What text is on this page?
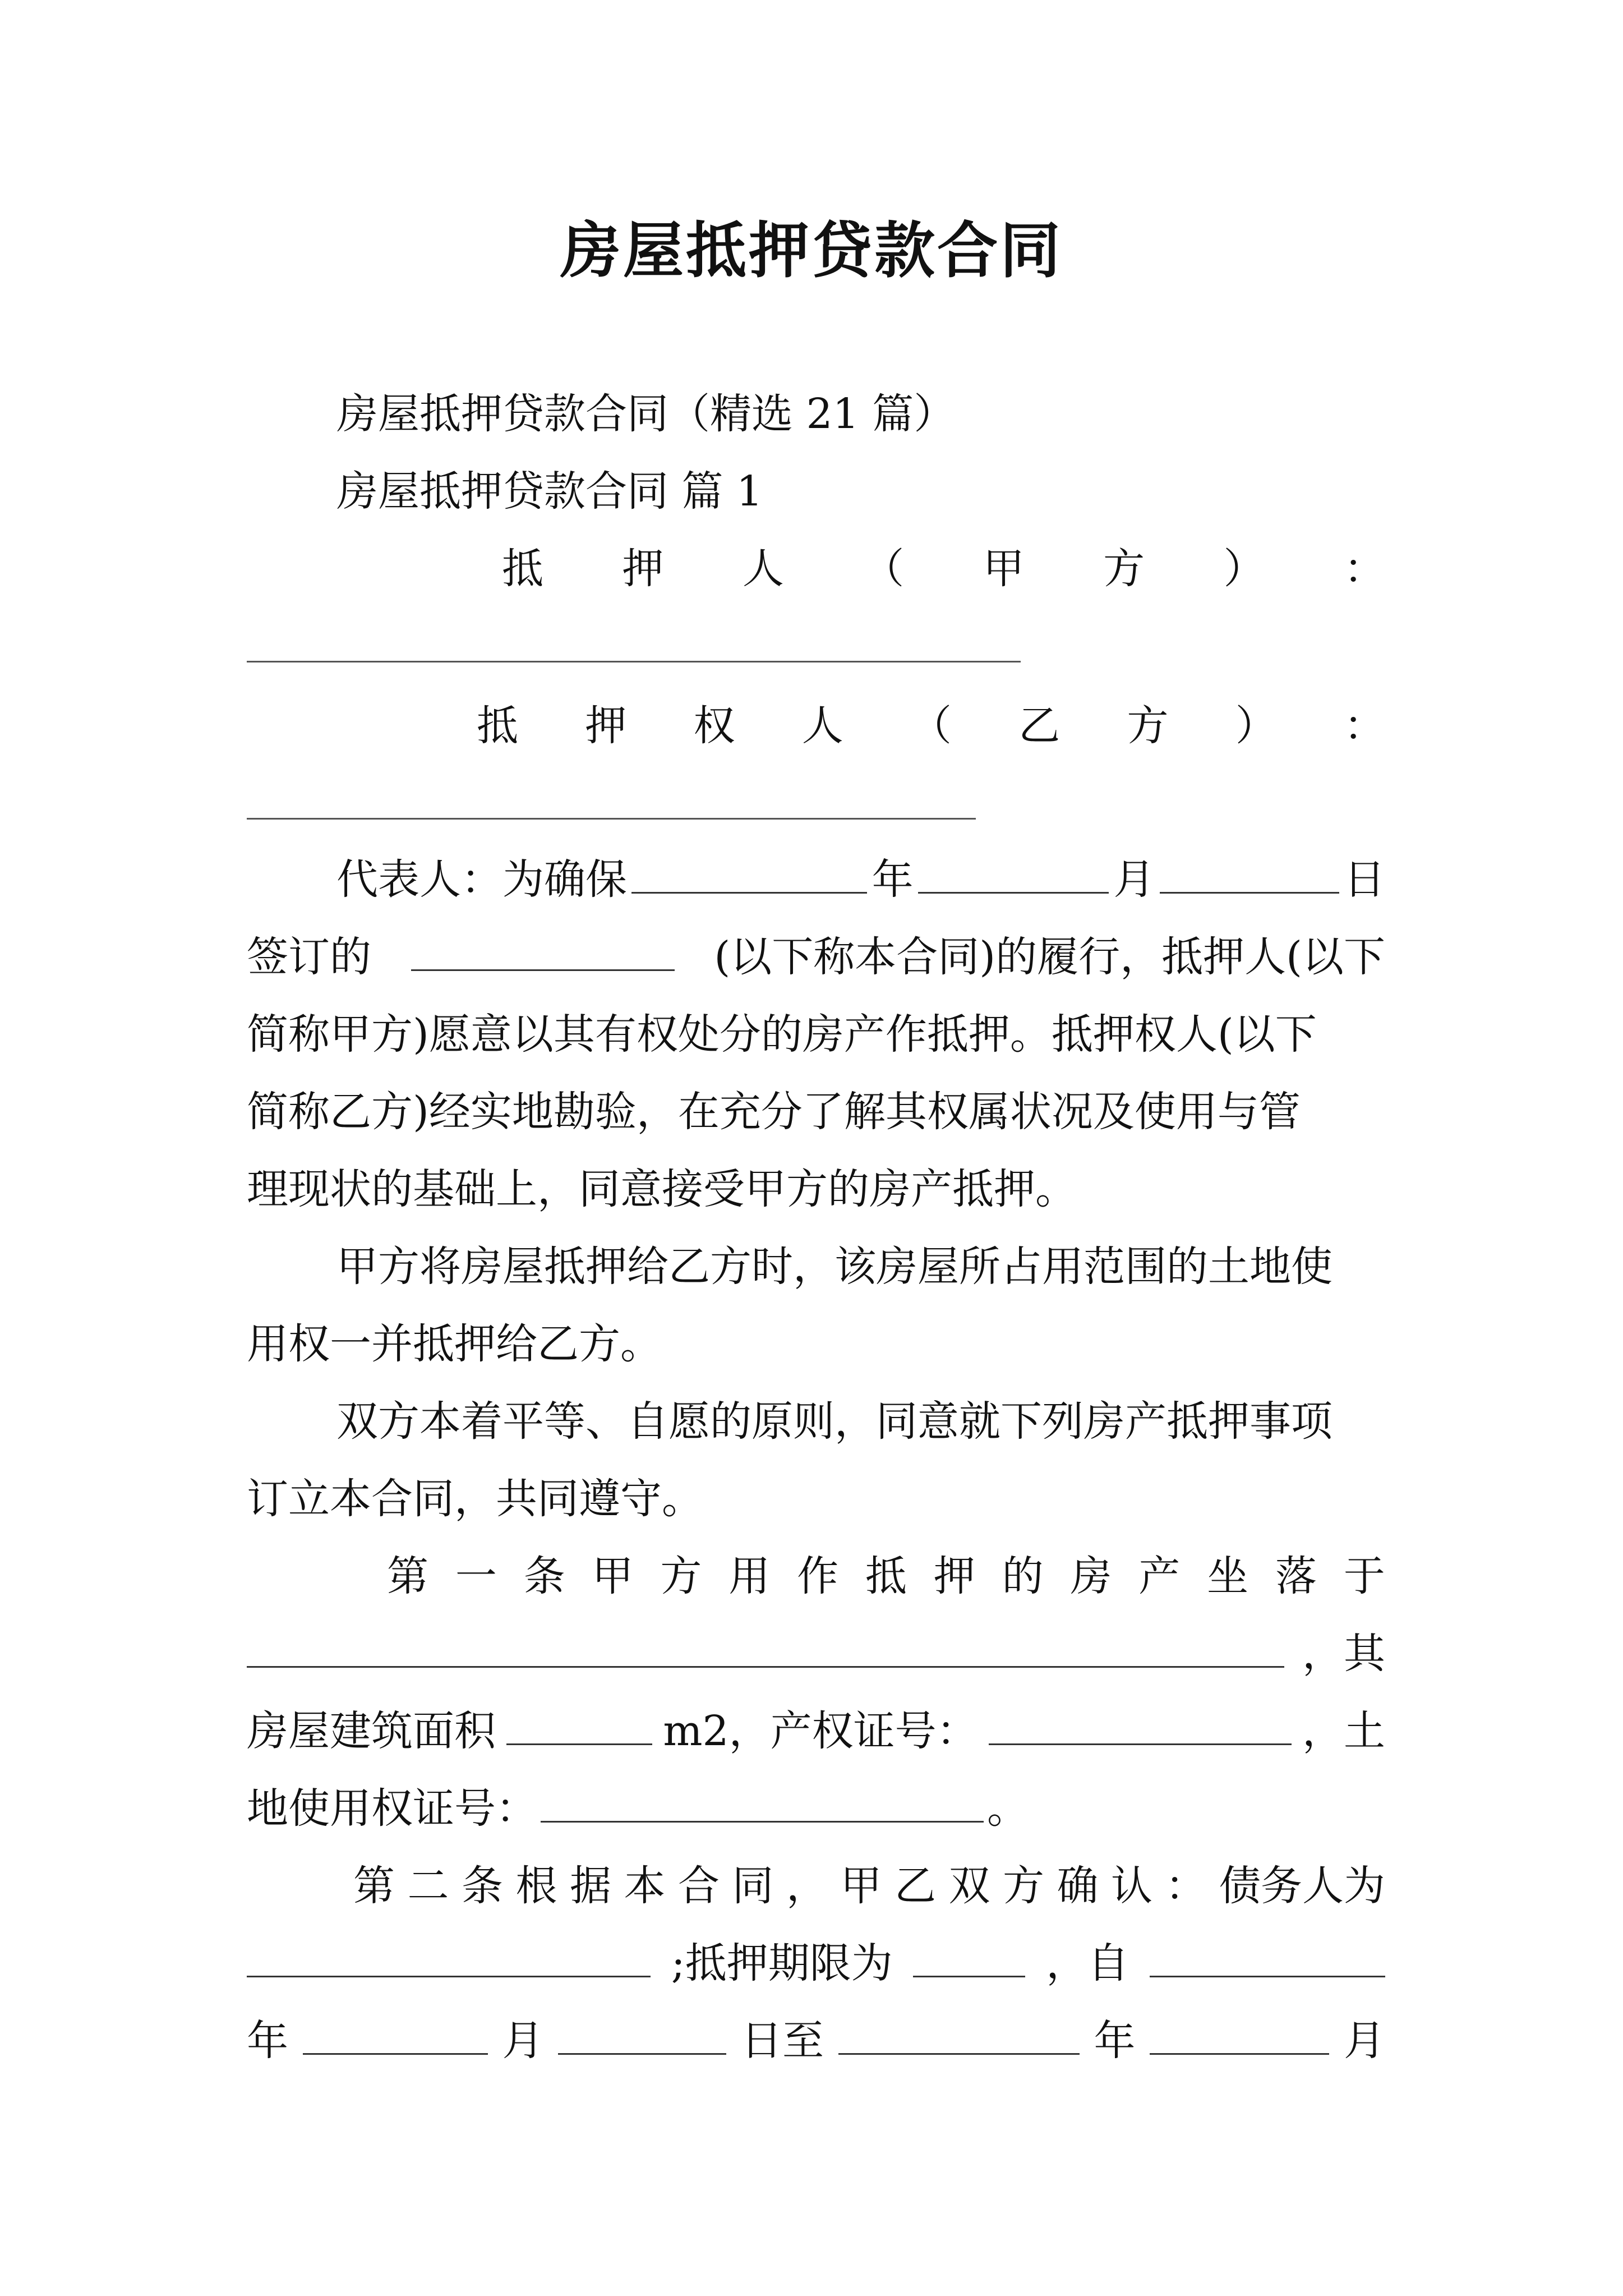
房屋抵押贷款合同
房屋抵押贷款合同（精选 21 篇）
房屋抵押贷款合同 篇 1
抵 押 人 （ 甲 方 ） ：
抵 押 权 人 （ 乙 方 ） ：
代表人：为确保	年	月	日
签订的	(以下称本合同)的履行，抵押人(以下
简称甲方)愿意以其有权处分的房产作抵押。抵押权人(以下
简称乙方)经实地勘验，在充分了解其权属状况及使用与管
理现状的基础上，同意接受甲方的房产抵押。
甲方将房屋抵押给乙方时，该房屋所占用范围的土地使
用权一并抵押给乙方。
双方本着平等、自愿的原则，同意就下列房产抵押事项
订立本合同，共同遵守。
第 一 条 甲 方 用 作 抵 押 的 房 产 坐 落 于
，其
房屋建筑面积	m2，产权证号：	，土
地使用权证号：	。
第 二 条 根 据 本 合 同 ， 甲 乙 双 方 确 认 ： 债务人为
;抵押期限为	，自
年	月	日至	年	月
